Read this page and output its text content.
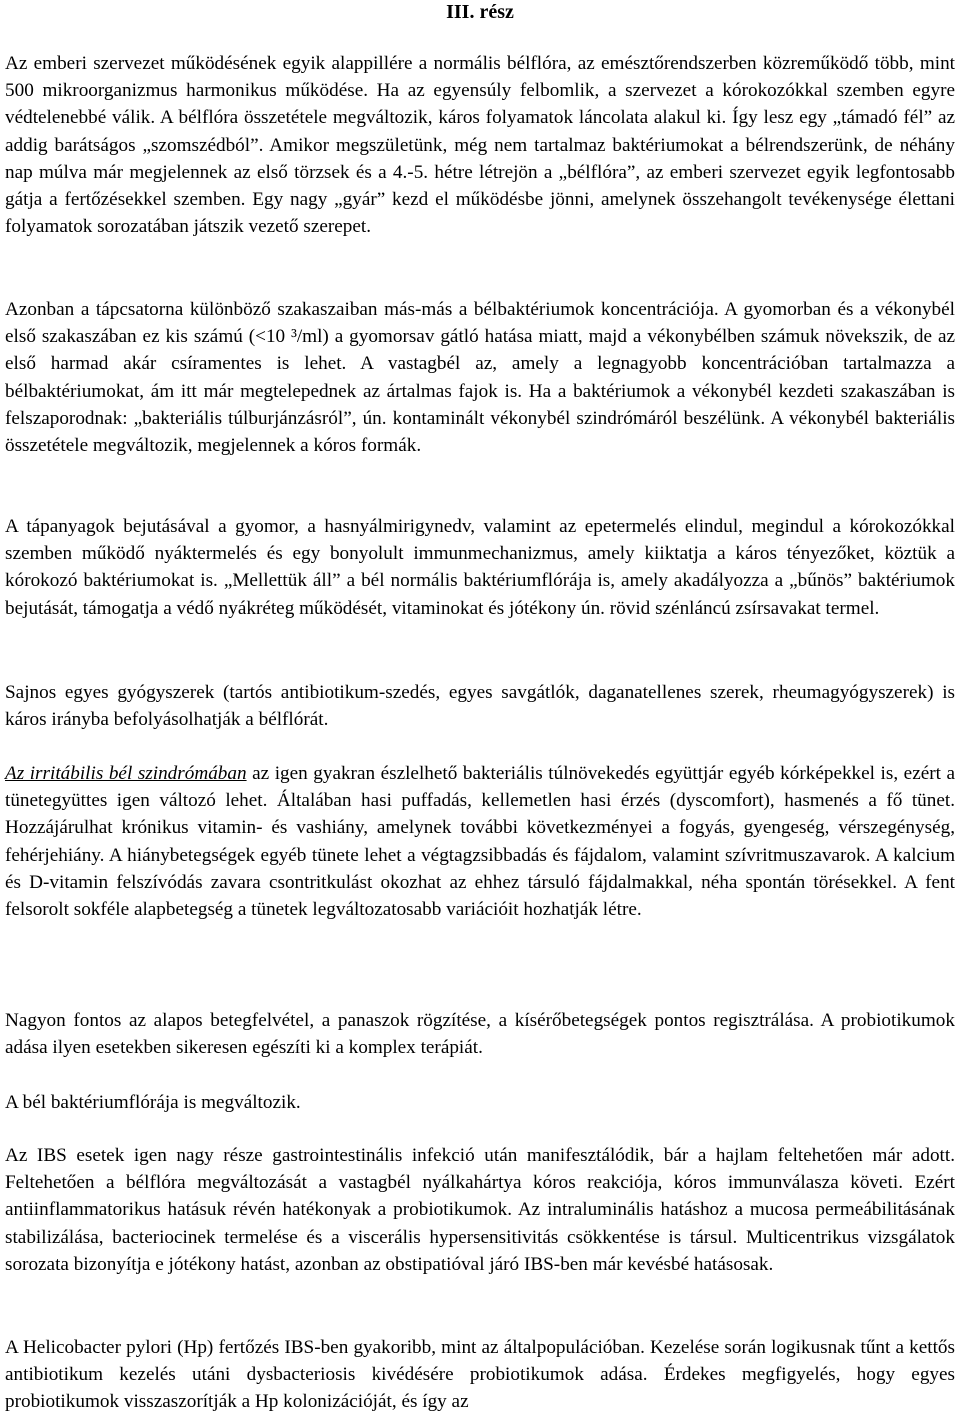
III. rész

Az emberi szervezet működésének egyik alappillére a normális bélflóra, az emésztőrendszerben közreműködő több, mint 500 mikroorganizmus harmonikus működése. Ha az egyensúly felbomlik, a szervezet a kórokozókkal szemben egyre védtelenebbé válik. A bélflóra összetétele megváltozik, káros folyamatok láncolata alakul ki. Így lesz egy „támadó fél” az addig barátságos „szomszédból”. Amikor megszületünk, még nem tartalmaz baktériumokat a bélrendszerünk, de néhány nap múlva már megjelennek az első törzsek és a 4.-5. hétre létrejön a „bélflóra”, az emberi szervezet egyik legfontosabb gátja a fertőzésekkel szemben. Egy nagy „gyár” kezd el működésbe jönni, amelynek összehangolt tevékenysége élettani folyamatok sorozatában játszik vezető szerepet.

Azonban a tápcsatorna különböző szakaszaiban más-más a bélbaktériumok koncentrációja. A gyomorban és a vékonybél első szakaszában ez kis számú (<10 ³/ml) a gyomorsav gátló hatása miatt, majd a vékonybélben számuk növekszik, de az első harmad akár csíramentes is lehet. A vastagbél az, amely a legnagyobb koncentrációban tartalmazza a bélbaktériumokat, ám itt már megtelepednek az ártalmas fajok is. Ha a baktériumok a vékonybél kezdeti szakaszában is felszaporodnak: „bakteriális túlburjánzásról”, ún. kontaminált vékonybél szindrómáról beszélünk. A vékonybél bakteriális összetétele megváltozik, megjelennek a kóros formák.

A tápanyagok bejutásával a gyomor, a hasnyálmirigynedv, valamint az epetermelés elindul, megindul a kórokozókkal szemben működő nyáktermelés és egy bonyolult immunmechanizmus, amely kiiktatja a káros tényezőket, köztük a kórokozó baktériumokat is. „Mellettük áll” a bél normális baktériumflórája is, amely akadályozza a „bűnös” baktériumok bejutását, támogatja a védő nyákréteg működését, vitaminokat és jótékony ún. rövid szénláncú zsírsavakat termel.

Sajnos egyes gyógyszerek (tartós antibiotikum-szedés, egyes savgátlók, daganatellenes szerek, rheumagyógyszerek) is káros irányba befolyásolhatják a bélflórát.

Az irritábilis bél szindrómában az igen gyakran észlelhető bakteriális túlnövekedés együttjár egyéb kórképekkel is, ezért a tünetegyüttes igen változó lehet. Általában hasi puffadás, kellemetlen hasi érzés (dyscomfort), hasmenés a fő tünet. Hozzájárulhat krónikus vitamin- és vashiány, amelynek további következményei a fogyás, gyengeség, vérszegénység, fehérjehiány. A hiánybetegségek egyéb tünete lehet a végtagzsibbadás és fájdalom, valamint szívritmuszavarok. A kalcium és D-vitamin felszívódás zavara csontritkulást okozhat az ehhez társuló fájdalmakkal, néha spontán törésekkel. A fent felsorolt sokféle alapbetegség a tünetek legváltozatosabb variációit hozhatják létre.

Nagyon fontos az alapos betegfelvétel, a panaszok rögzítése, a kísérőbetegségek pontos regisztrálása. A probiotikumok adása ilyen esetekben sikeresen egészíti ki a komplex terápiát.

A bél baktériumflórája is megváltozik.

Az IBS esetek igen nagy része gastrointestinális infekció után manifesztálódik, bár a hajlam feltehetően már adott. Feltehetően a bélflóra megváltozását a vastagbél nyálkahártya kóros reakciója, kóros immunválasza követi. Ezért antiinflammatorikus hatásuk révén hatékonyak a probiotikumok. Az intraluminális hatáshoz a mucosa permeábilitásának stabilizálása, bacteriocinek termelése és a viscerális hypersensitivitás csökkentése is társul. Multicentrikus vizsgálatok sorozata bizonyítja e jótékony hatást, azonban az obstipatióval járó IBS-ben már kevésbé hatásosak.

A Helicobacter pylori (Hp) fertőzés IBS-ben gyakoribb, mint az általpopulációban. Kezelése során logikusnak tűnt a kettős antibiotikum kezelés utáni dysbacteriosis kivédésére probiotikumok adása. Érdekes megfigyelés, hogy egyes probiotikumok visszaszorítják a Hp kolonizációját, és így az
